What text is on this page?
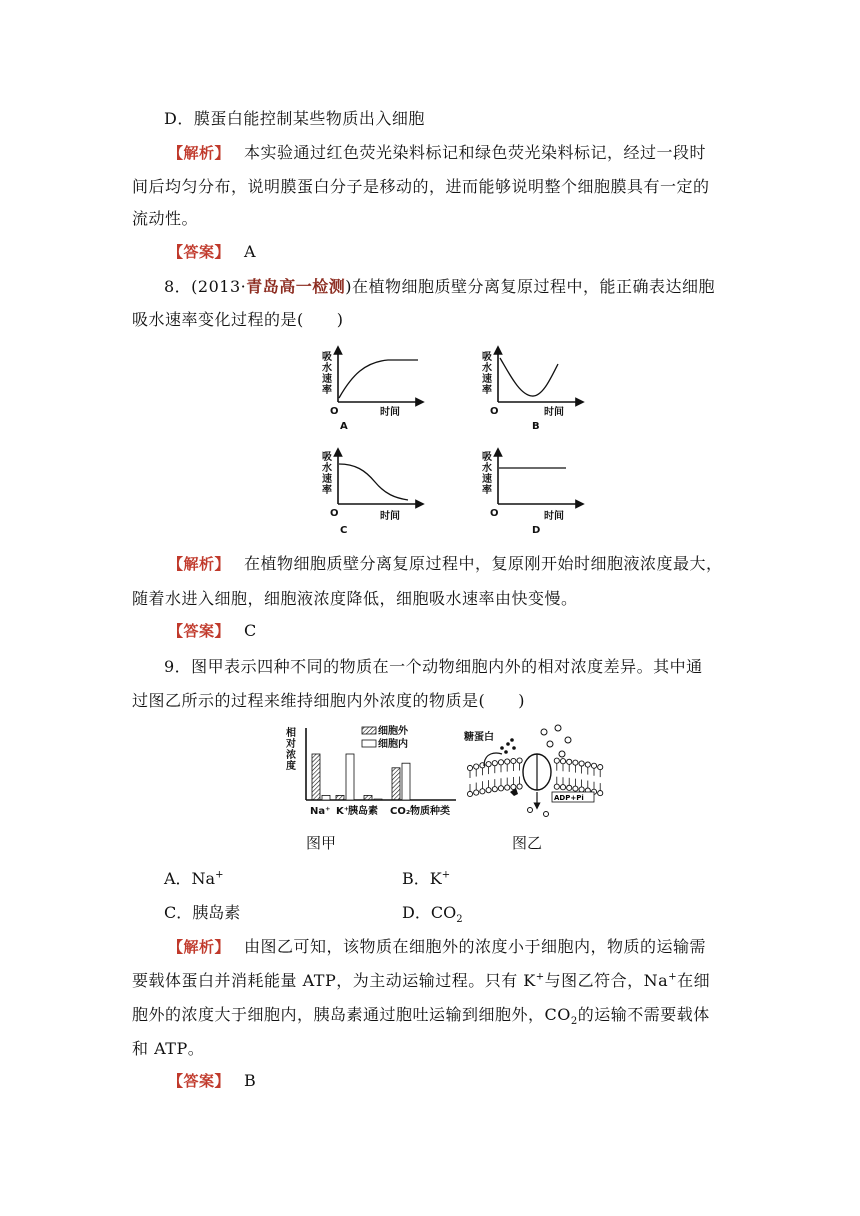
D．膜蛋白能控制某些物质出入细胞
【解析】 本实验通过红色荧光染料标记和绿色荧光染料标记，经过一段时
间后均匀分布，说明膜蛋白分子是移动的，进而能够说明整个细胞膜具有一定的
流动性。
【答案】 A
8．(2013·青岛高一检测)在植物细胞质壁分离复原过程中，能正确表达细胞
吸水速率变化过程的是(　　)
吸 水 速 率
O	时间
A
吸 水 速 率
O	时间
B
吸 水 速 率
O	时间
C
吸 水 速 率
O	时间
D
【解析】 在植物细胞质壁分离复原过程中，复原刚开始时细胞液浓度最大，
随着水进入细胞，细胞液浓度降低，细胞吸水速率由快变慢。
【答案】 C
9．图甲表示四种不同的物质在一个动物细胞内外的相对浓度差异。其中通
过图乙所示的过程来维持细胞内外浓度的物质是(　　)
相 对 浓 度
细胞外
细胞内
Na⁺ K⁺
胰岛素 CO₂ 物质种类
糖蛋白
ADP+Pi
图甲	图乙
A．Na+	B．K+
C．胰岛素	D．$CO_2$
【解析】 由图乙可知，该物质在细胞外的浓度小于细胞内，物质的运输需
要载体蛋白并消耗能量 ATP，为主动运输过程。只有 K+与图乙符合，Na+在细
胞外的浓度大于细胞内，胰岛素通过胞吐运输到细胞外，$CO_2$的运输不需要载体
和 ATP。
【答案】 B
